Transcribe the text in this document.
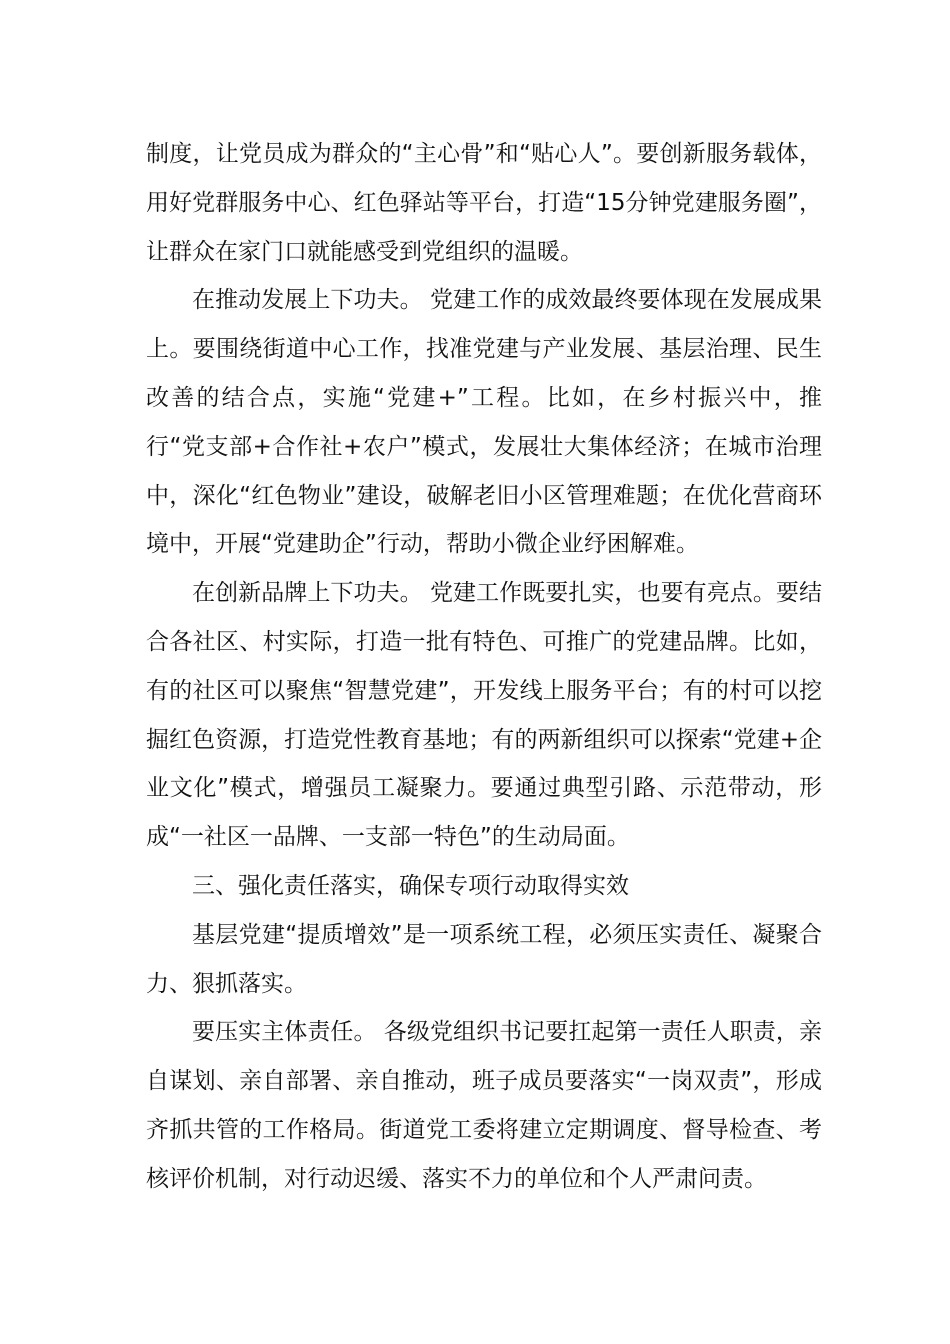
制度，让党员成为群众的“主心骨”和“贴心人”。要创新服务载体，用好党群服务中心、红色驿站等平台，打造“15分钟党建服务圈”，让群众在家门口就能感受到党组织的温暖。

在推动发展上下功夫。 党建工作的成效最终要体现在发展成果上。要围绕街道中心工作，找准党建与产业发展、基层治理、民生改善的结合点，实施“党建+”工程。比如，在乡村振兴中，推行“党支部+合作社+农户”模式，发展壮大集体经济；在城市治理中，深化“红色物业”建设，破解老旧小区管理难题；在优化营商环境中，开展“党建助企”行动，帮助小微企业纾困解难。

在创新品牌上下功夫。 党建工作既要扎实，也要有亮点。要结合各社区、村实际，打造一批有特色、可推广的党建品牌。比如，有的社区可以聚焦“智慧党建”，开发线上服务平台；有的村可以挖掘红色资源，打造党性教育基地；有的两新组织可以探索“党建+企业文化”模式，增强员工凝聚力。要通过典型引路、示范带动，形成“一社区一品牌、一支部一特色”的生动局面。

三、强化责任落实，确保专项行动取得实效

基层党建“提质增效”是一项系统工程，必须压实责任、凝聚合力、狠抓落实。

要压实主体责任。 各级党组织书记要扛起第一责任人职责，亲自谋划、亲自部署、亲自推动，班子成员要落实“一岗双责”，形成齐抓共管的工作格局。街道党工委将建立定期调度、督导检查、考核评价机制，对行动迟缓、落实不力的单位和个人严肃问责。
